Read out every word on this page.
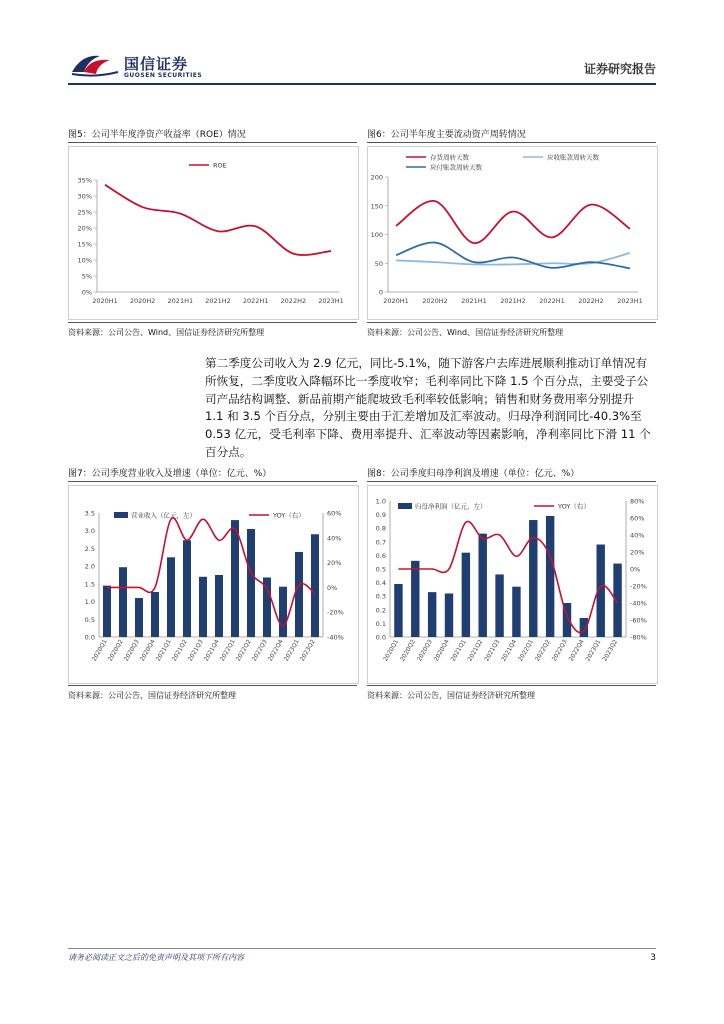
国信证券
GUOSEN SECURITIES	证券研究报告
图5：公司半年度净资产收益率（ROE）情况
0%
5%
10%
15%
20%
25%
30%
35%
2020H1 2020H2 2021H1 2021H2 2022H1 2022H2 2023H1
ROE
资料来源：公司公告、Wind、国信证券经济研究所整理
图6：公司半年度主要流动资产周转情况
0
50
100
150
200
2020H1 2020H2 2021H1 2021H2 2022H1 2022H2 2023H1
存货周转天数	应收账款周转天数
应付账款周转天数
资料来源：公司公告、Wind、国信证券经济研究所整理

第二季度公司收入为 2.9 亿元，同比-5.1%，随下游客户去库进展顺利推动订单情况有所恢复，二季度收入降幅环比一季度收窄；毛利率同比下降 1.5 个百分点，主要受子公司产品结构调整、新品前期产能爬坡致毛利率较低影响；销售和财务费用率分别提升 1.1 和 3.5 个百分点，分别主要由于汇差增加及汇率波动。归母净利润同比-40.3%至 0.53 亿元，受毛利率下降、费用率提升、汇率波动等因素影响，净利率同比下滑 11 个百分点。

图7：公司季度营业收入及增速（单位：亿元、%）
0.0
0.5
1.0
1.5
2.0
2.5
3.0
3.5
-40%
-20%
0%
20%
40%
60%
2020Q1
2020Q2
2020Q3
2020Q4
2021Q1
2021Q2
2021Q3
2021Q4
2022Q1
2022Q2
2022Q3
2022Q4
2023Q1
2023Q2
营业收入（亿元，左）	YOY（右）
资料来源：公司公告，国信证券经济研究所整理
图8：公司季度归母净利润及增速（单位：亿元、%）
0.0
0.1
0.2
0.3
0.4
0.5
0.6
0.7
0.8
0.9
1.0
-80%
-60%
-40%
-20%
0%
20%
40%
60%
80%
2020Q1
2020Q2
2020Q3
2020Q4
2021Q1
2021Q2
2021Q3
2021Q4
2022Q1
2022Q2
2022Q3
2022Q4
2023Q1
2023Q2
归母净利润（亿元，左）	YOY（右）
资料来源：公司公告，国信证券经济研究所整理
请务必阅读正文之后的免责声明及其项下所有内容	3
